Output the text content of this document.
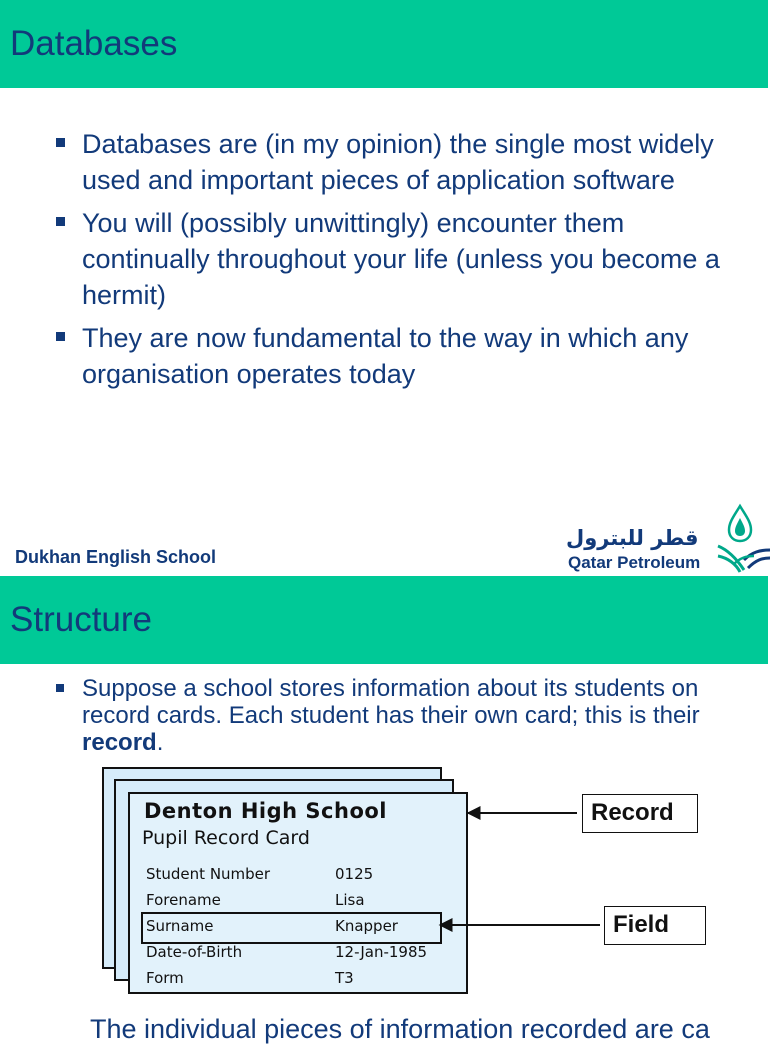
Databases
Databases are (in my opinion) the single most widely used and important pieces of application software
You will (possibly unwittingly) encounter them continually throughout your life (unless you become a hermit)
They are now fundamental to the way in which any organisation operates today
Dukhan English School
قطر للبترول
Qatar Petroleum
Structure
Suppose a school stores information about its students on record cards. Each student has their own card; this is their record.
Denton High School
Pupil Record Card
Student Number	0125
Forename	Lisa
Surname	Knapper
Date-of-Birth	12-Jan-1985
Form	T3
Record
Field
The individual pieces of information recorded are ca
